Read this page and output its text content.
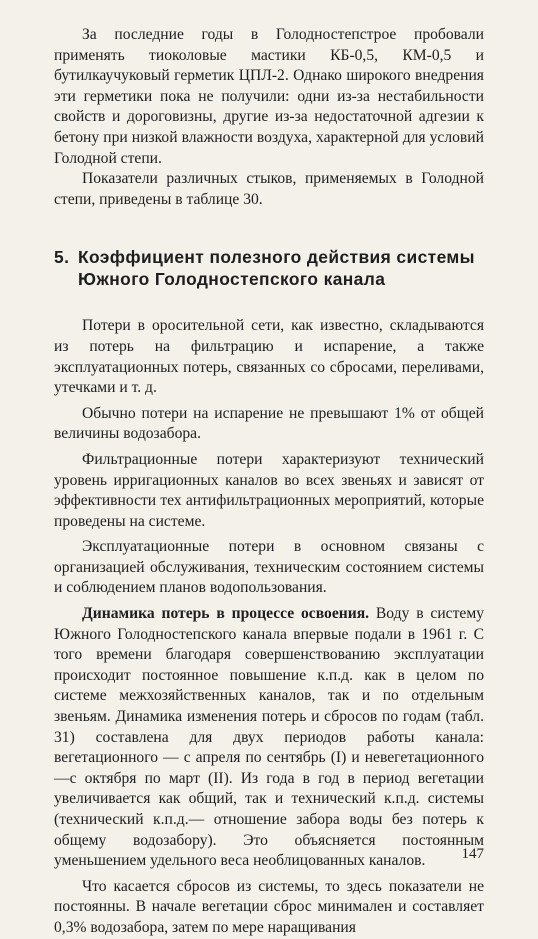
За последние годы в Голодностепстрое пробовали применять тиоколовые мастики КБ-0,5, КМ-0,5 и бутилкаучуковый герметик ЦПЛ-2. Однако широкого внедрения эти герметики пока не получили: одни из-за нестабильности свойств и дороговизны, другие из-за недостаточной адгезии к бетону при низкой влажности воздуха, характерной для условий Голодной степи.

Показатели различных стыков, применяемых в Голодной степи, приведены в таблице 30.

5. Коэффициент полезного действия системы Южного Голодностепского канала

Потери в оросительной сети, как известно, складываются из потерь на фильтрацию и испарение, а также эксплуатационных потерь, связанных со сбросами, переливами, утечками и т. д.

Обычно потери на испарение не превышают 1% от общей величины водозабора.

Фильтрационные потери характеризуют технический уровень ирригационных каналов во всех звеньях и зависят от эффективности тех антифильтрационных мероприятий, которые проведены на системе.

Эксплуатационные потери в основном связаны с организацией обслуживания, техническим состоянием системы и соблюдением планов водопользования.

Динамика потерь в процессе освоения. Воду в систему Южного Голодностепского канала впервые подали в 1961 г. С того времени благодаря совершенствованию эксплуатации происходит постоянное повышение к.п.д. как в целом по системе межхозяйственных каналов, так и по отдельным звеньям. Динамика изменения потерь и сбросов по годам (табл. 31) составлена для двух периодов работы канала: вегетационного — с апреля по сентябрь (I) и невегетационного—с октября по март (II). Из года в год в период вегетации увеличивается как общий, так и технический к.п.д. системы (технический к.п.д.— отношение забора воды без потерь к общему водозабору). Это объясняется постоянным уменьшением удельного веса необлицованных каналов.

Что касается сбросов из системы, то здесь показатели не постоянны. В начале вегетации сброс минимален и составляет 0,3% водозабора, затем по мере наращивания

147
